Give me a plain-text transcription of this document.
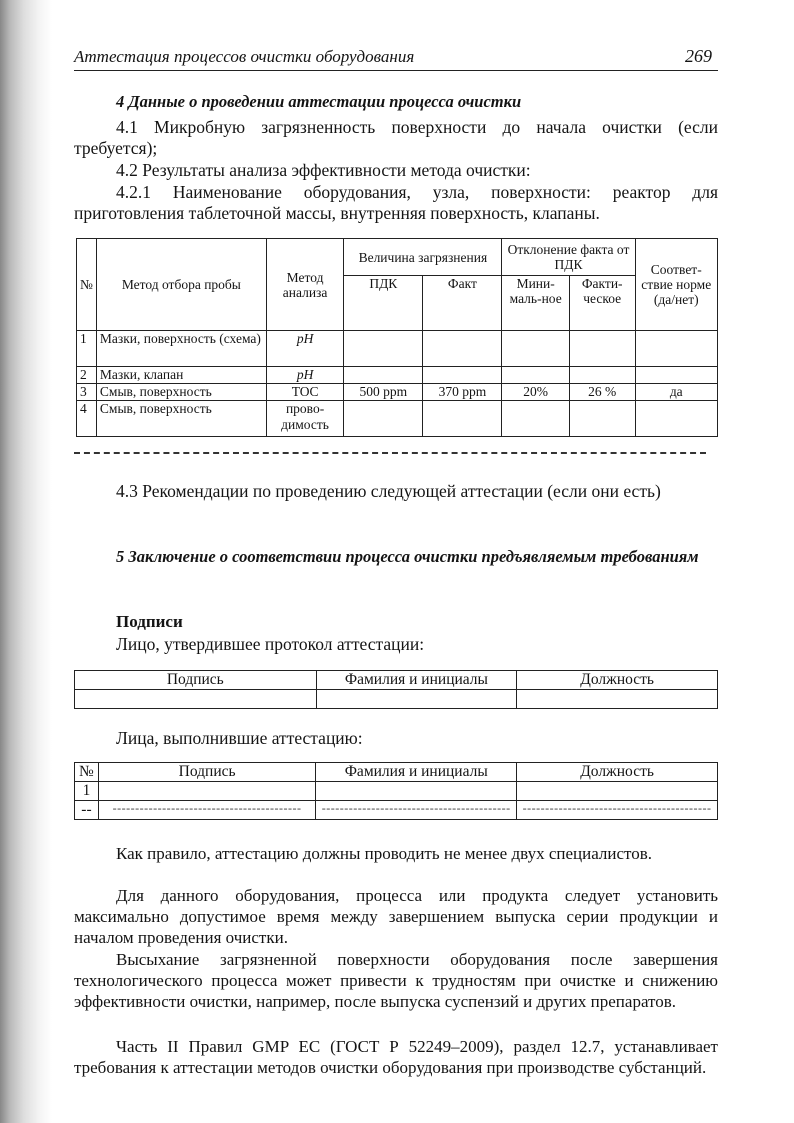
Аттестация процессов очистки оборудования	269
4 Данные о проведении аттестации процесса очистки
4.1 Микробную загрязненность поверхности до начала очистки (если требуется);
4.2 Результаты анализа эффективности метода очистки:
4.2.1 Наименование оборудования, узла, поверхности: реактор для приготовления таблеточной массы, внутренняя поверхность, клапаны.
№	Метод отбора пробы	Метод анализа	Величина загрязнения		Отклонение факта от ПДК		Соответ-ствие норме (да/нет)
			ПДК	Факт	Мини-маль-ное	Факти-ческое	
1	Мазки, поверхность (схема)	pH					
2	Мазки, клапан	pH					
3	Смыв, поверхность	TOC	500 ppm	370 ppm	20%	26 %	да
4	Смыв, поверхность	прово-димость					
4.3 Рекомендации по проведению следующей аттестации (если они есть)
5 Заключение о соответствии процесса очистки предъявляемым требованиям
Подписи
Лицо, утвердившее протокол аттестации:
Подпись	Фамилия и инициалы	Должность

Лица, выполнившие аттестацию:
№	Подпись	Фамилия и инициалы	Должность
1			
--	------------------------------------------	------------------------------------------	------------------------------------------
Как правило, аттестацию должны проводить не менее двух специалистов.
Для данного оборудования, процесса или продукта следует установить максимально допустимое время между завершением выпуска серии продукции и началом проведения очистки.
Высыхание загрязненной поверхности оборудования после завершения технологического процесса может привести к трудностям при очистке и снижению эффективности очистки, например, после выпуска суспензий и других препаратов.
Часть II Правил GMP ЕС (ГОСТ Р 52249–2009), раздел 12.7, устанавливает требования к аттестации методов очистки оборудования при производстве субстанций.
